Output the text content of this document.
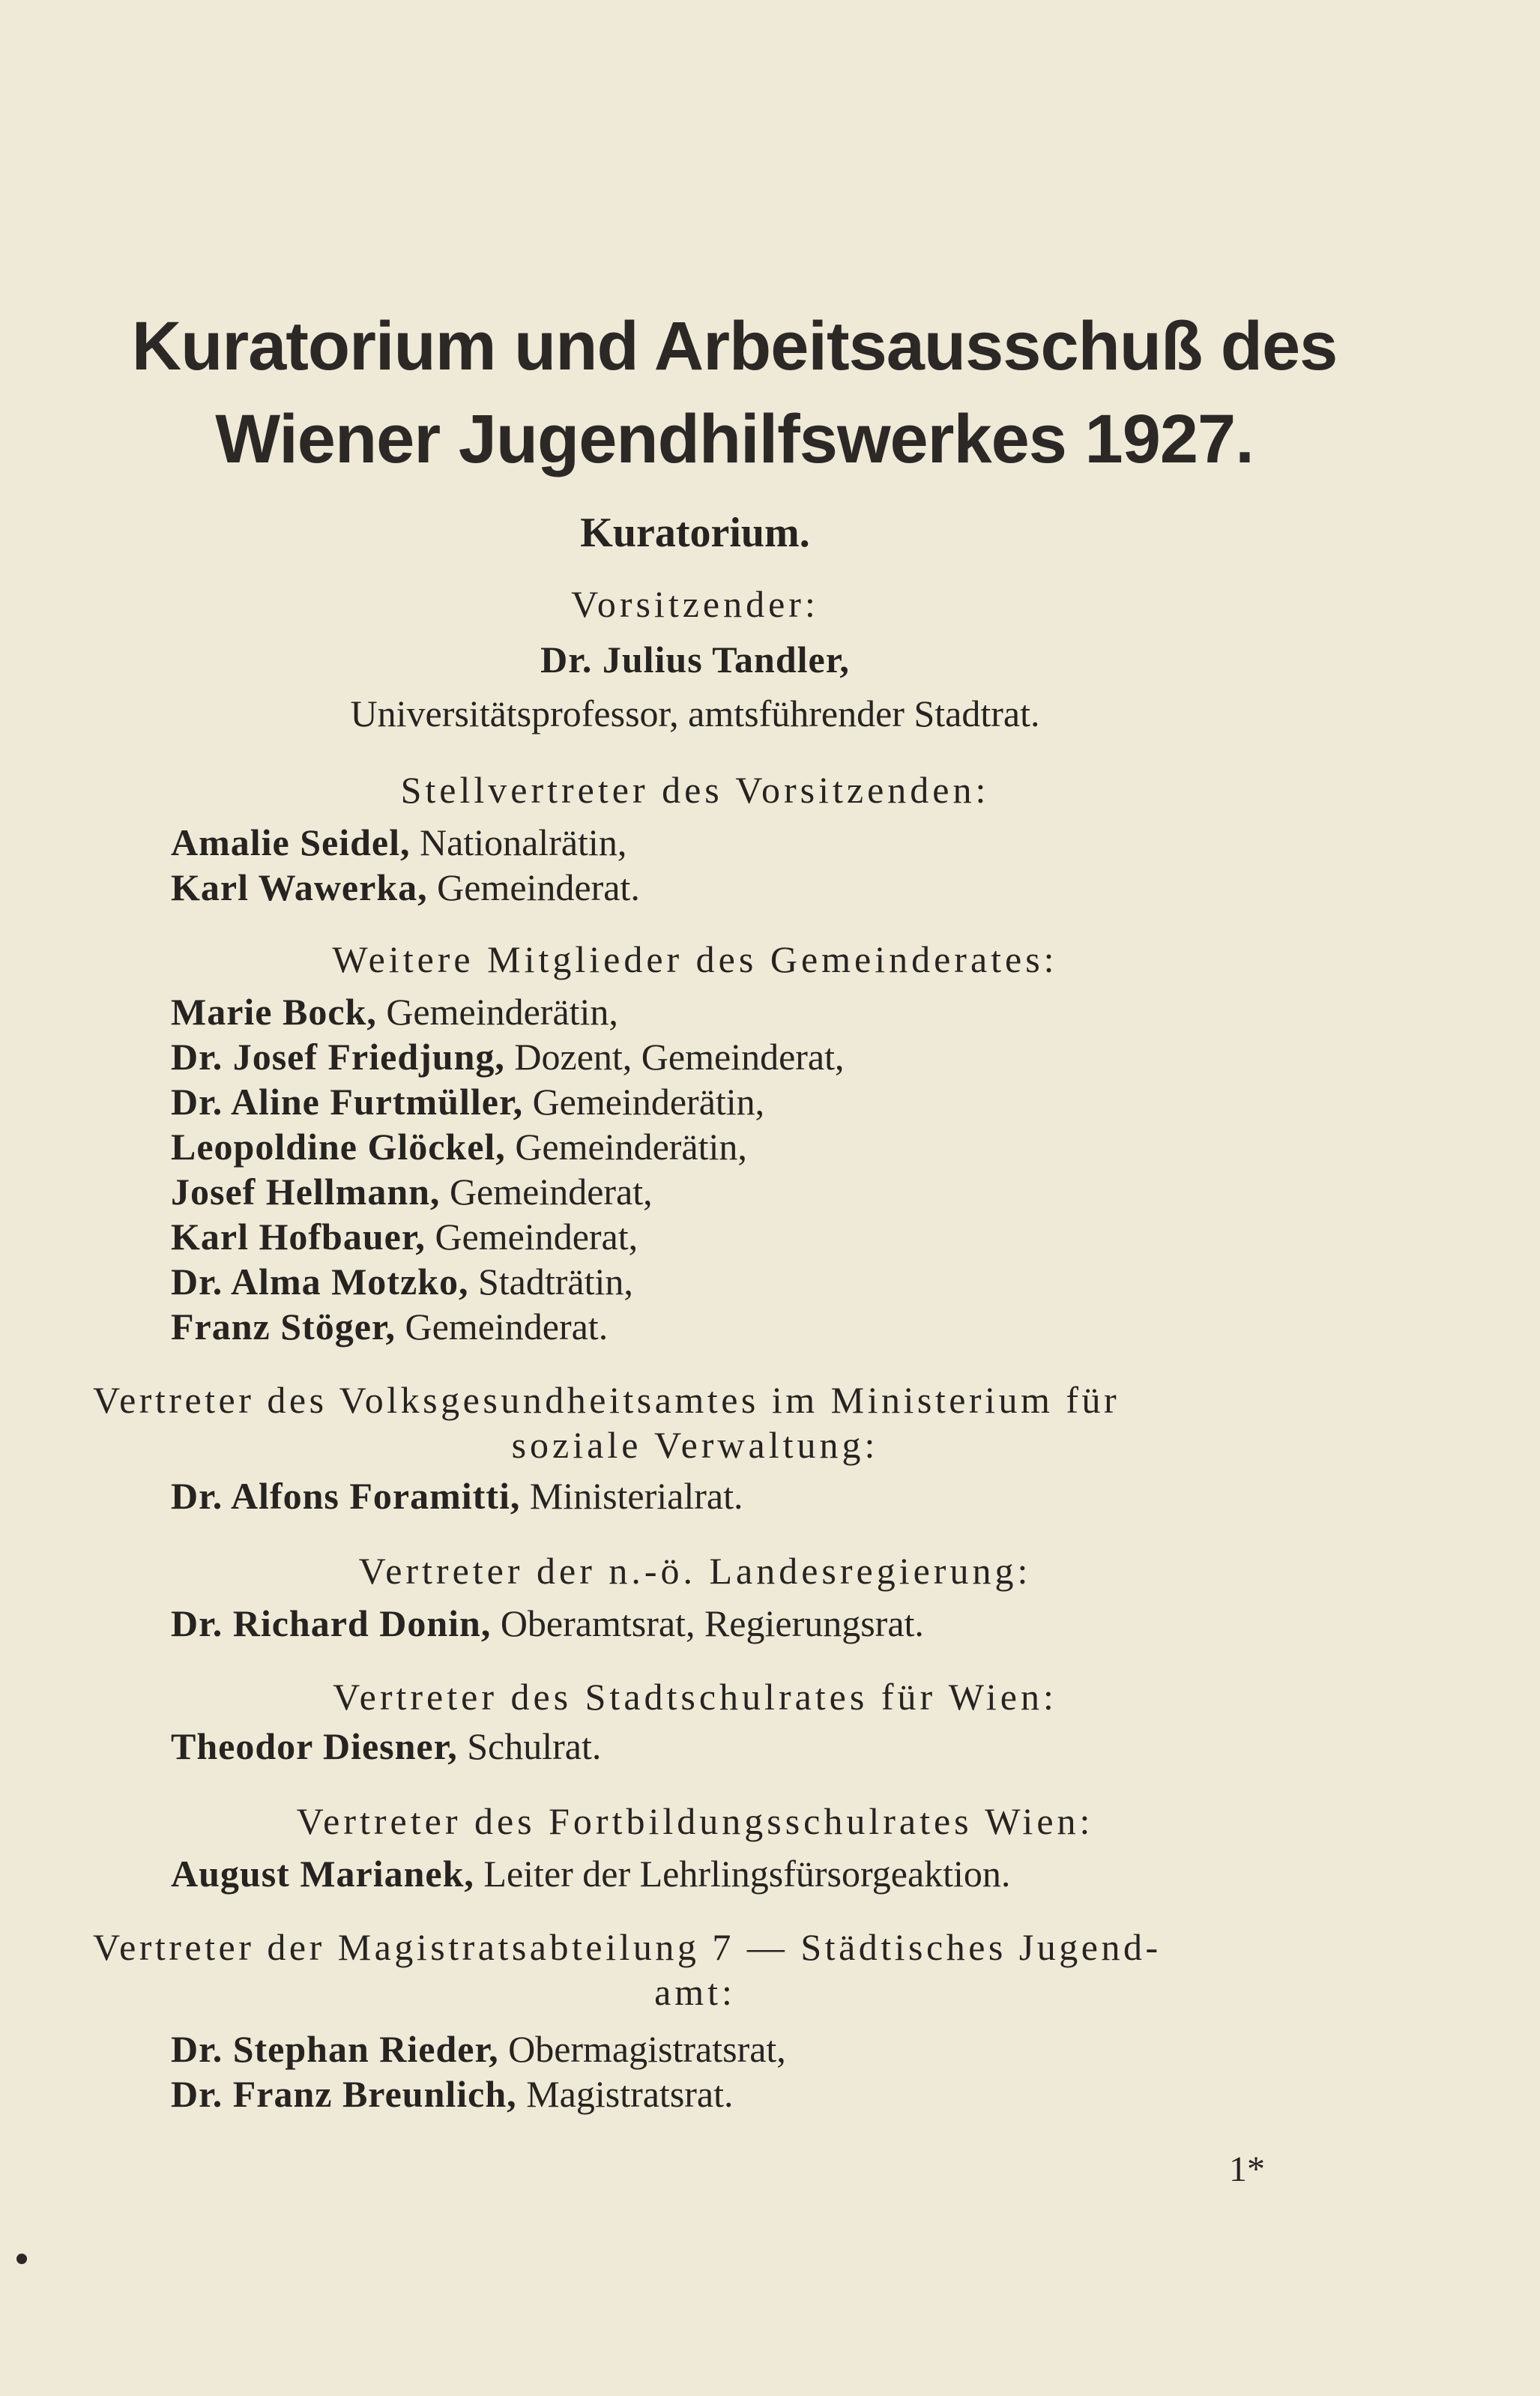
Kuratorium und Arbeitsausschuß des
Wiener Jugendhilfswerkes 1927.
Kuratorium.
Vorsitzender:
Dr. Julius Tandler,
Universitätsprofessor, amtsführender Stadtrat.
Stellvertreter des Vorsitzenden:
Amalie Seidel, Nationalrätin,
Karl Wawerka, Gemeinderat.
Weitere Mitglieder des Gemeinderates:
Marie Bock, Gemeinderätin,
Dr. Josef Friedjung, Dozent, Gemeinderat,
Dr. Aline Furtmüller, Gemeinderätin,
Leopoldine Glöckel, Gemeinderätin,
Josef Hellmann, Gemeinderat,
Karl Hofbauer, Gemeinderat,
Dr. Alma Motzko, Stadträtin,
Franz Stöger, Gemeinderat.
Vertreter des Volksgesundheitsamtes im Ministerium für
soziale Verwaltung:
Dr. Alfons Foramitti, Ministerialrat.
Vertreter der n.-ö. Landesregierung:
Dr. Richard Donin, Oberamtsrat, Regierungsrat.
Vertreter des Stadtschulrates für Wien:
Theodor Diesner, Schulrat.
Vertreter des Fortbildungsschulrates Wien:
August Marianek, Leiter der Lehrlingsfürsorgeaktion.
Vertreter der Magistratsabteilung 7 — Städtisches Jugend-
amt:
Dr. Stephan Rieder, Obermagistratsrat,
Dr. Franz Breunlich, Magistratsrat.
1*
